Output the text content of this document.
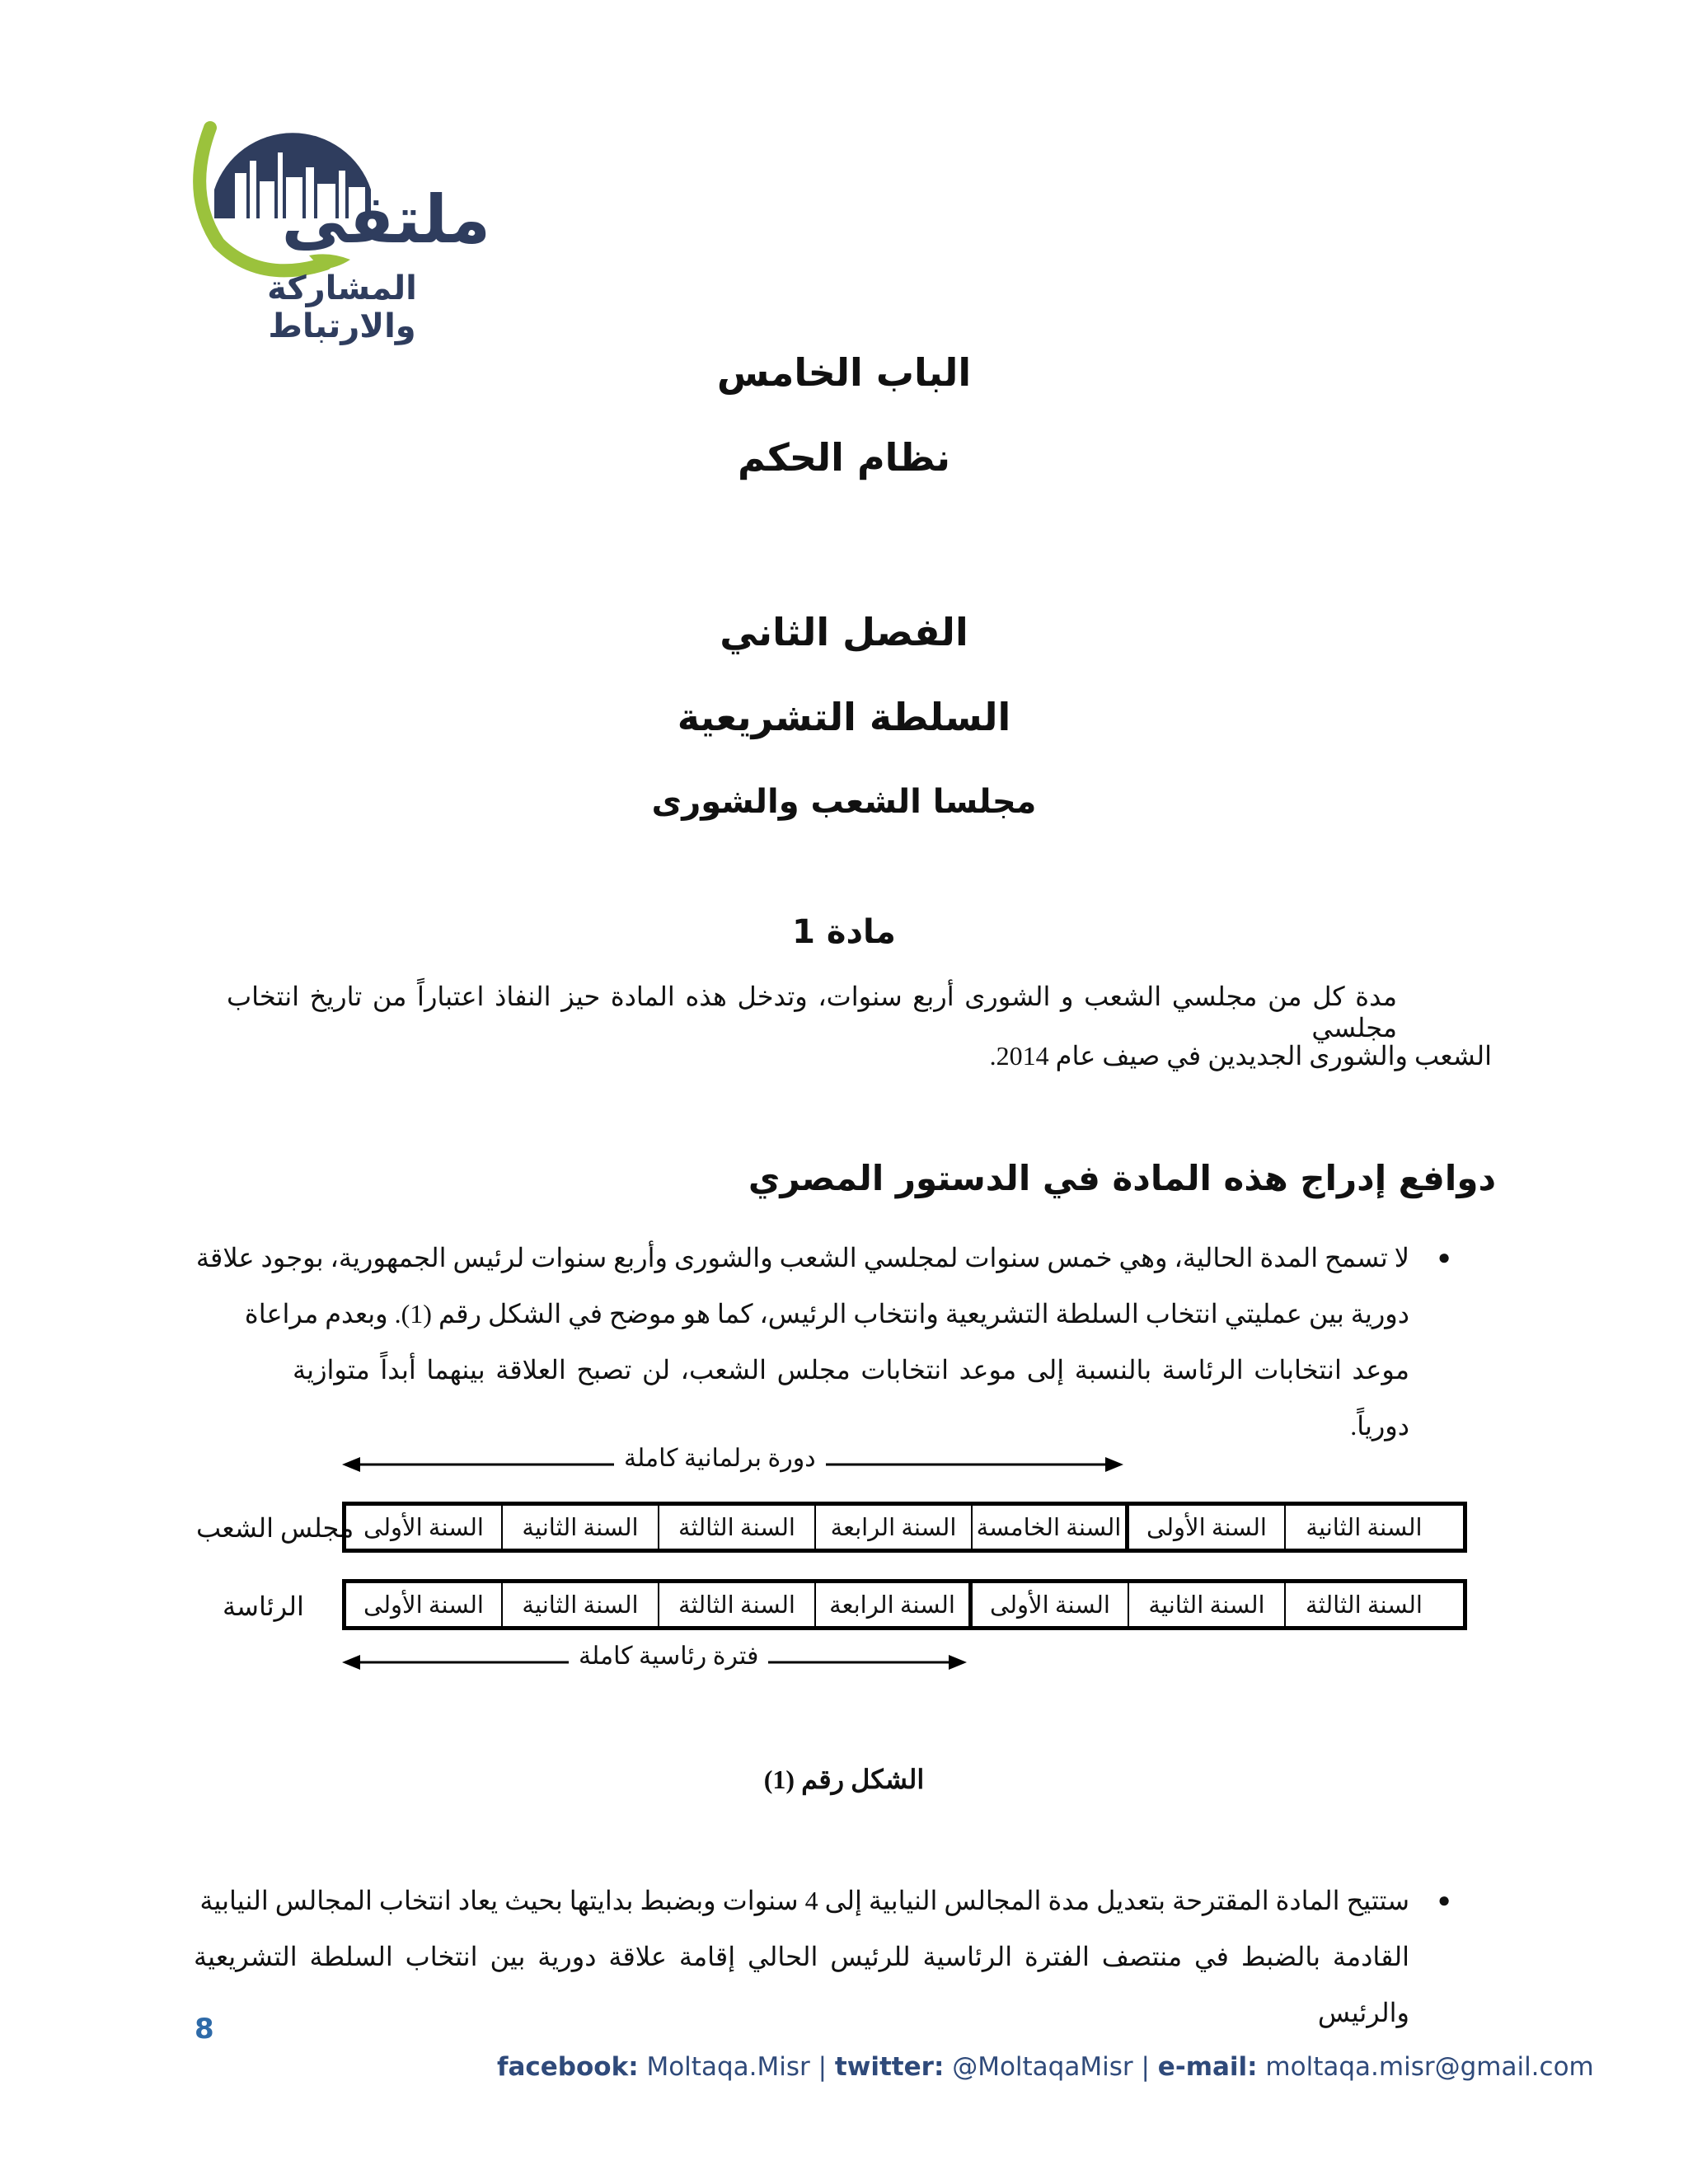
ملتقى
المشاركة والارتباط
الباب الخامس
نظام الحكم
الفصل الثاني
السلطة التشريعية
مجلسا الشعب والشورى
مادة 1
مدة كل من مجلسي الشعب و الشورى أربع سنوات، وتدخل هذه المادة حيز النفاذ اعتباراً من تاريخ انتخاب مجلسي
الشعب والشورى الجديدين في صيف عام 2014.
دوافع إدراج هذه المادة في الدستور المصري
●
لا تسمح المدة الحالية، وهي خمس سنوات لمجلسي الشعب والشورى وأربع سنوات لرئيس الجمهورية، بوجود علاقة
دورية بين عمليتي انتخاب السلطة التشريعية وانتخاب الرئيس، كما هو موضح في الشكل رقم (1). وبعدم مراعاة
موعد انتخابات الرئاسة بالنسبة إلى موعد انتخابات مجلس الشعب، لن تصبح العلاقة بينهما أبداً متوازية دورياً.
دورة برلمانية كاملة
مجلس الشعب السنة الأولى	السنة الثانية	السنة الثالثة	السنة الرابعة السنة الخامسة	السنة الأولى	السنة الثانية
الرئاسة	السنة الأولى	السنة الثانية	السنة الثالثة	السنة الرابعة	السنة الأولى	السنة الثانية	السنة الثالثة
فترة رئاسية كاملة
الشكل رقم (1)
●
ستتيح المادة المقترحة بتعديل مدة المجالس النيابية إلى 4 سنوات وبضبط بدايتها بحيث يعاد انتخاب المجالس النيابية
القادمة بالضبط في منتصف الفترة الرئاسية للرئيس الحالي إقامة علاقة دورية بين انتخاب السلطة التشريعية والرئيس
8
facebook: Moltaqa.Misr | twitter: @MoltaqaMisr | e-mail: moltaqa.misr@gmail.com
